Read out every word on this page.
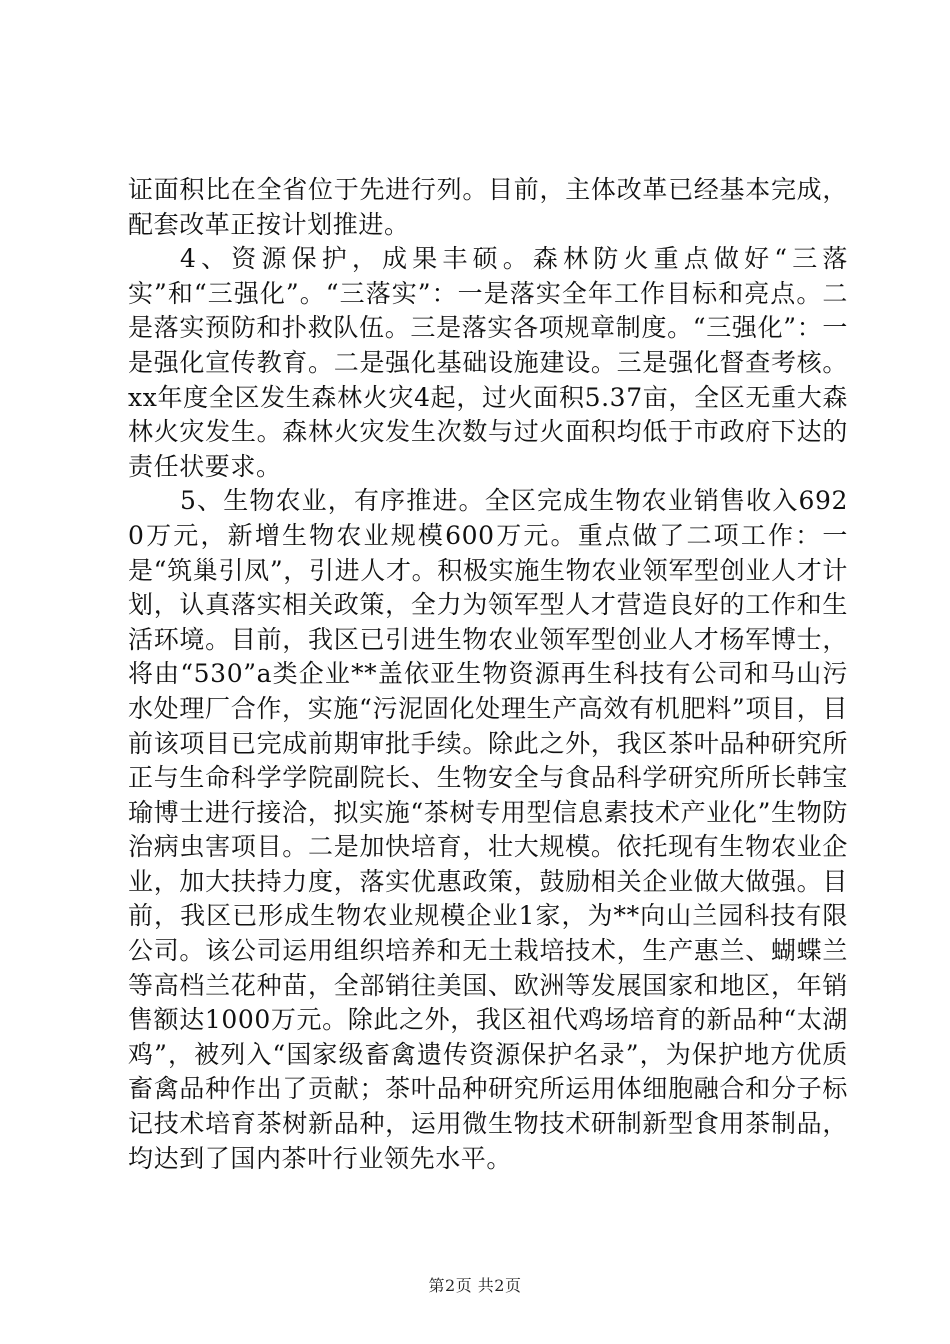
证面积比在全省位于先进行列。目前，主体改革已经基本完成，配套改革正按计划推进。

4、资源保护，成果丰硕。森林防火重点做好“三落实”和“三强化”。“三落实”：一是落实全年工作目标和亮点。二是落实预防和扑救队伍。三是落实各项规章制度。“三强化”：一是强化宣传教育。二是强化基础设施建设。三是强化督查考核。xx年度全区发生森林火灾4起，过火面积5.37亩，全区无重大森林火灾发生。森林火灾发生次数与过火面积均低于市政府下达的责任状要求。

5、生物农业，有序推进。全区完成生物农业销售收入6920万元，新增生物农业规模600万元。重点做了二项工作：一是“筑巢引凤”，引进人才。积极实施生物农业领军型创业人才计划，认真落实相关政策，全力为领军型人才营造良好的工作和生活环境。目前，我区已引进生物农业领军型创业人才杨军博士，将由“530”a类企业**盖依亚生物资源再生科技有公司和马山污水处理厂合作，实施“污泥固化处理生产高效有机肥料”项目，目前该项目已完成前期审批手续。除此之外，我区茶叶品种研究所正与生命科学学院副院长、生物安全与食品科学研究所所长韩宝瑜博士进行接洽，拟实施“茶树专用型信息素技术产业化”生物防治病虫害项目。二是加快培育，壮大规模。依托现有生物农业企业，加大扶持力度，落实优惠政策，鼓励相关企业做大做强。目前，我区已形成生物农业规模企业1家，为**向山兰园科技有限公司。该公司运用组织培养和无土栽培技术，生产惠兰、蝴蝶兰等高档兰花种苗，全部销往美国、欧洲等发展国家和地区，年销售额达1000万元。除此之外，我区祖代鸡场培育的新品种“太湖鸡”，被列入“国家级畜禽遗传资源保护名录”，为保护地方优质畜禽品种作出了贡献；茶叶品种研究所运用体细胞融合和分子标记技术培育茶树新品种，运用微生物技术研制新型食用茶制品，均达到了国内茶叶行业领先水平。

第2页 共2页
